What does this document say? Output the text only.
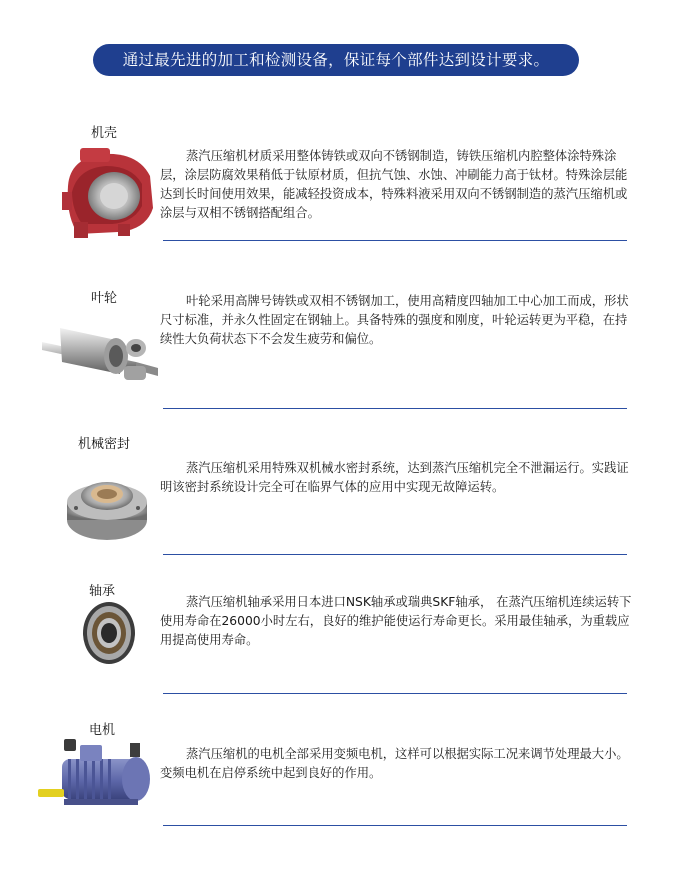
通过最先进的加工和检测设备，保证每个部件达到设计要求。
机壳

蒸汽压缩机材质采用整体铸铁或双向不锈钢制造，铸铁压缩机内腔整体涂特殊涂层，涂层防腐效果稍低于钛原材质，但抗气蚀、水蚀、冲刷能力高于钛材。特殊涂层能达到长时间使用效果，能减轻投资成本，特殊料液采用双向不锈钢制造的蒸汽压缩机或涂层与双相不锈钢搭配组合。

叶轮	叶轮采用高牌号铸铁或双相不锈钢加工，使用高精度四轴加工中心加工而成，形状尺寸标准，并永久性固定在钢轴上。具备特殊的强度和刚度，叶轮运转更为平稳，在持续性大负荷状态下不会发生疲劳和偏位。

机械密封

蒸汽压缩机采用特殊双机械水密封系统，达到蒸汽压缩机完全不泄漏运行。实践证明该密封系统设计完全可在临界气体的应用中实现无故障运转。

轴承

蒸汽压缩机轴承采用日本进口NSK轴承或瑞典SKF轴承， 在蒸汽压缩机连续运转下使用寿命在26000小时左右，良好的维护能使运行寿命更长。采用最佳轴承，为重载应用提高使用寿命。

电机

蒸汽压缩机的电机全部采用变频电机，这样可以根据实际工况来调节处理最大小。变频电机在启停系统中起到良好的作用。
